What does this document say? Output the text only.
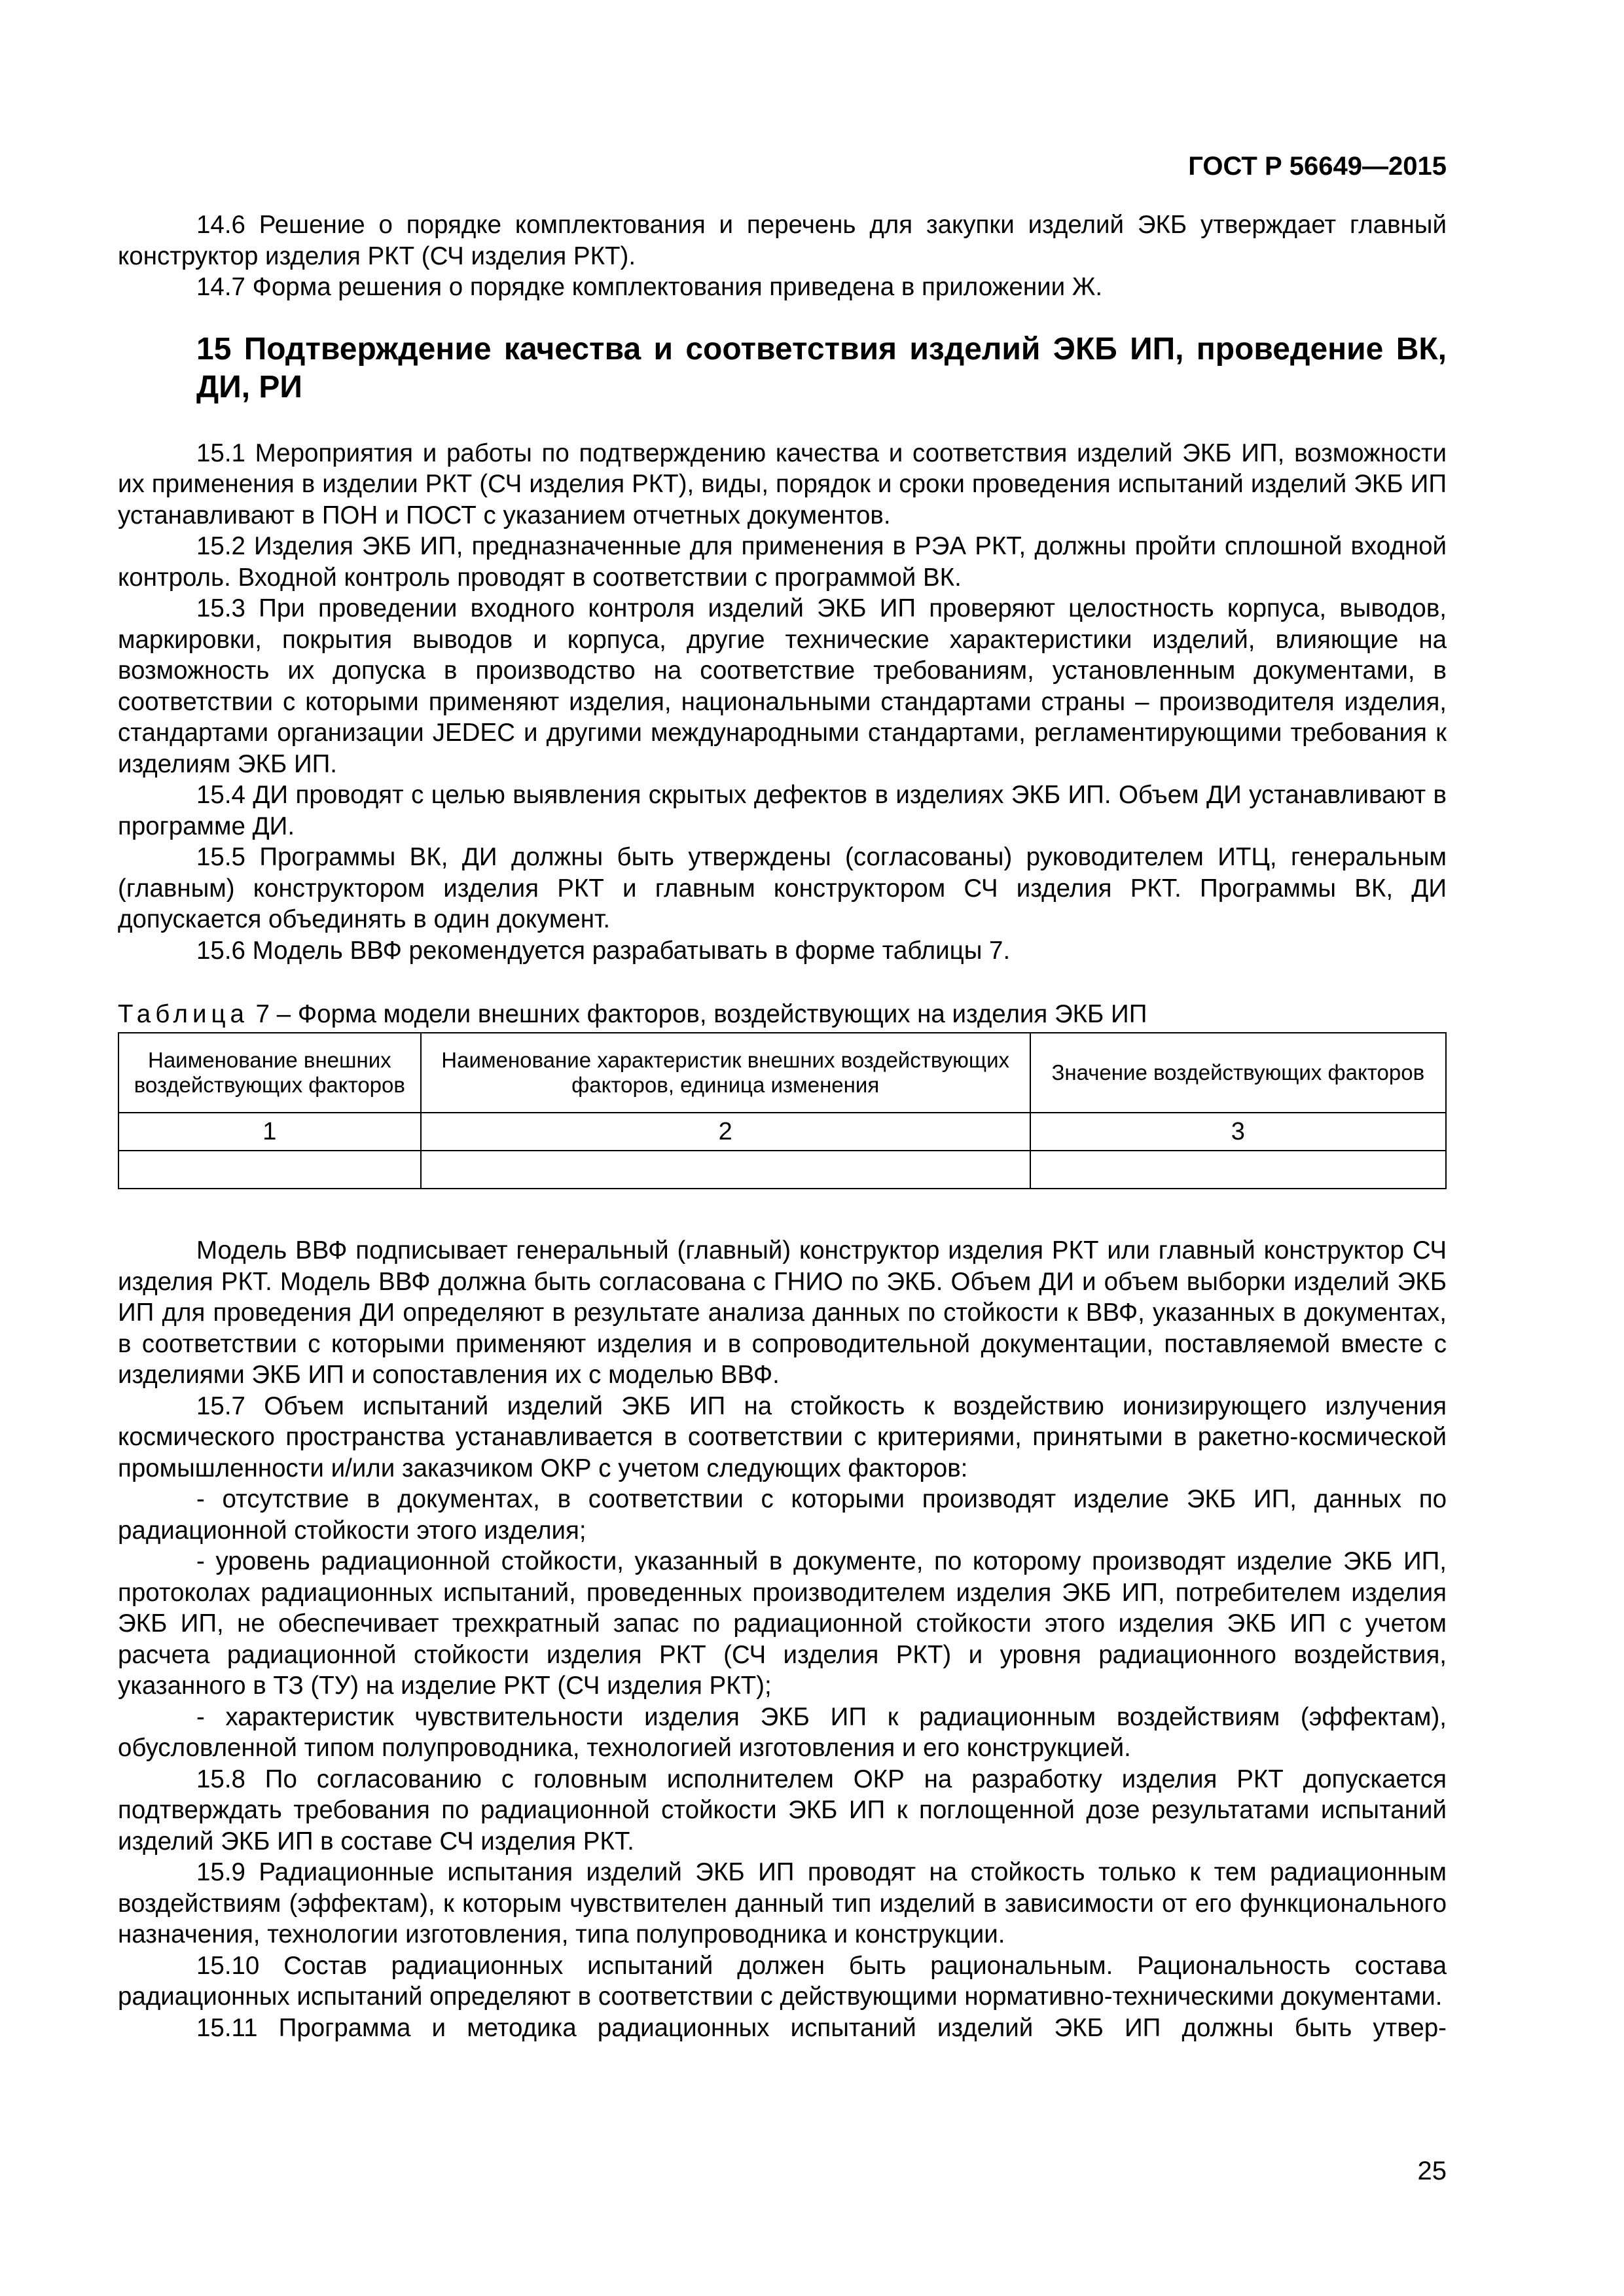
ГОСТ Р 56649—2015

14.6 Решение о порядке комплектования и перечень для закупки изделий ЭКБ утверждает главный конструктор изделия РКТ (СЧ изделия РКТ).

14.7 Форма решения о порядке комплектования приведена в приложении Ж.

15 Подтверждение качества и соответствия изделий ЭКБ ИП, проведение ВК, ДИ, РИ

15.1 Мероприятия и работы по подтверждению качества и соответствия изделий ЭКБ ИП, возможности их применения в изделии РКТ (СЧ изделия РКТ), виды, порядок и сроки проведения испытаний изделий ЭКБ ИП устанавливают в ПОН и ПОСТ с указанием отчетных документов.

15.2 Изделия ЭКБ ИП, предназначенные для применения в РЭА РКТ, должны пройти сплошной входной контроль. Входной контроль проводят в соответствии с программой ВК.

15.3 При проведении входного контроля изделий ЭКБ ИП проверяют целостность корпуса, выводов, маркировки, покрытия выводов и корпуса, другие технические характеристики изделий, влияющие на возможность их допуска в производство на соответствие требованиям, установленным документами, в соответствии с которыми применяют изделия, национальными стандартами страны – производителя изделия, стандартами организации JEDEC и другими международными стандартами, регламентирующими требования к изделиям ЭКБ ИП.

15.4 ДИ проводят с целью выявления скрытых дефектов в изделиях ЭКБ ИП. Объем ДИ устанавливают в программе ДИ.

15.5 Программы ВК, ДИ должны быть утверждены (согласованы) руководителем ИТЦ, генеральным (главным) конструктором изделия РКТ и главным конструктором СЧ изделия РКТ. Программы ВК, ДИ допускается объединять в один документ.

15.6 Модель ВВФ рекомендуется разрабатывать в форме таблицы 7.

Таблица 7 – Форма модели внешних факторов, воздействующих на изделия ЭКБ ИП
Наименование внешних воздействующих факторов	Наименование характеристик внешних воздействующих факторов, единица изменения	Значение воздействующих факторов
1	2	3

Модель ВВФ подписывает генеральный (главный) конструктор изделия РКТ или главный конструктор СЧ изделия РКТ. Модель ВВФ должна быть согласована с ГНИО по ЭКБ. Объем ДИ и объем выборки изделий ЭКБ ИП для проведения ДИ определяют в результате анализа данных по стойкости к ВВФ, указанных в документах, в соответствии с которыми применяют изделия и в сопроводительной документации, поставляемой вместе с изделиями ЭКБ ИП и сопоставления их с моделью ВВФ.

15.7 Объем испытаний изделий ЭКБ ИП на стойкость к воздействию ионизирующего излучения космического пространства устанавливается в соответствии с критериями, принятыми в ракетно-космической промышленности и/или заказчиком ОКР с учетом следующих факторов:

- отсутствие в документах, в соответствии с которыми производят изделие ЭКБ ИП, данных по радиационной стойкости этого изделия;

- уровень радиационной стойкости, указанный в документе, по которому производят изделие ЭКБ ИП, протоколах радиационных испытаний, проведенных производителем изделия ЭКБ ИП, потребителем изделия ЭКБ ИП, не обеспечивает трехкратный запас по радиационной стойкости этого изделия ЭКБ ИП с учетом расчета радиационной стойкости изделия РКТ (СЧ изделия РКТ) и уровня радиационного воздействия, указанного в ТЗ (ТУ) на изделие РКТ (СЧ изделия РКТ);

- характеристик чувствительности изделия ЭКБ ИП к радиационным воздействиям (эффектам), обусловленной типом полупроводника, технологией изготовления и его конструкцией.

15.8 По согласованию с головным исполнителем ОКР на разработку изделия РКТ допускается подтверждать требования по радиационной стойкости ЭКБ ИП к поглощенной дозе результатами испытаний изделий ЭКБ ИП в составе СЧ изделия РКТ.

15.9 Радиационные испытания изделий ЭКБ ИП проводят на стойкость только к тем радиационным воздействиям (эффектам), к которым чувствителен данный тип изделий в зависимости от его функционального назначения, технологии изготовления, типа полупроводника и конструкции.

15.10 Состав радиационных испытаний должен быть рациональным. Рациональность состава радиационных испытаний определяют в соответствии с действующими нормативно-техническими документами.

15.11 Программа и методика радиационных испытаний изделий ЭКБ ИП должны быть утвер-

25
